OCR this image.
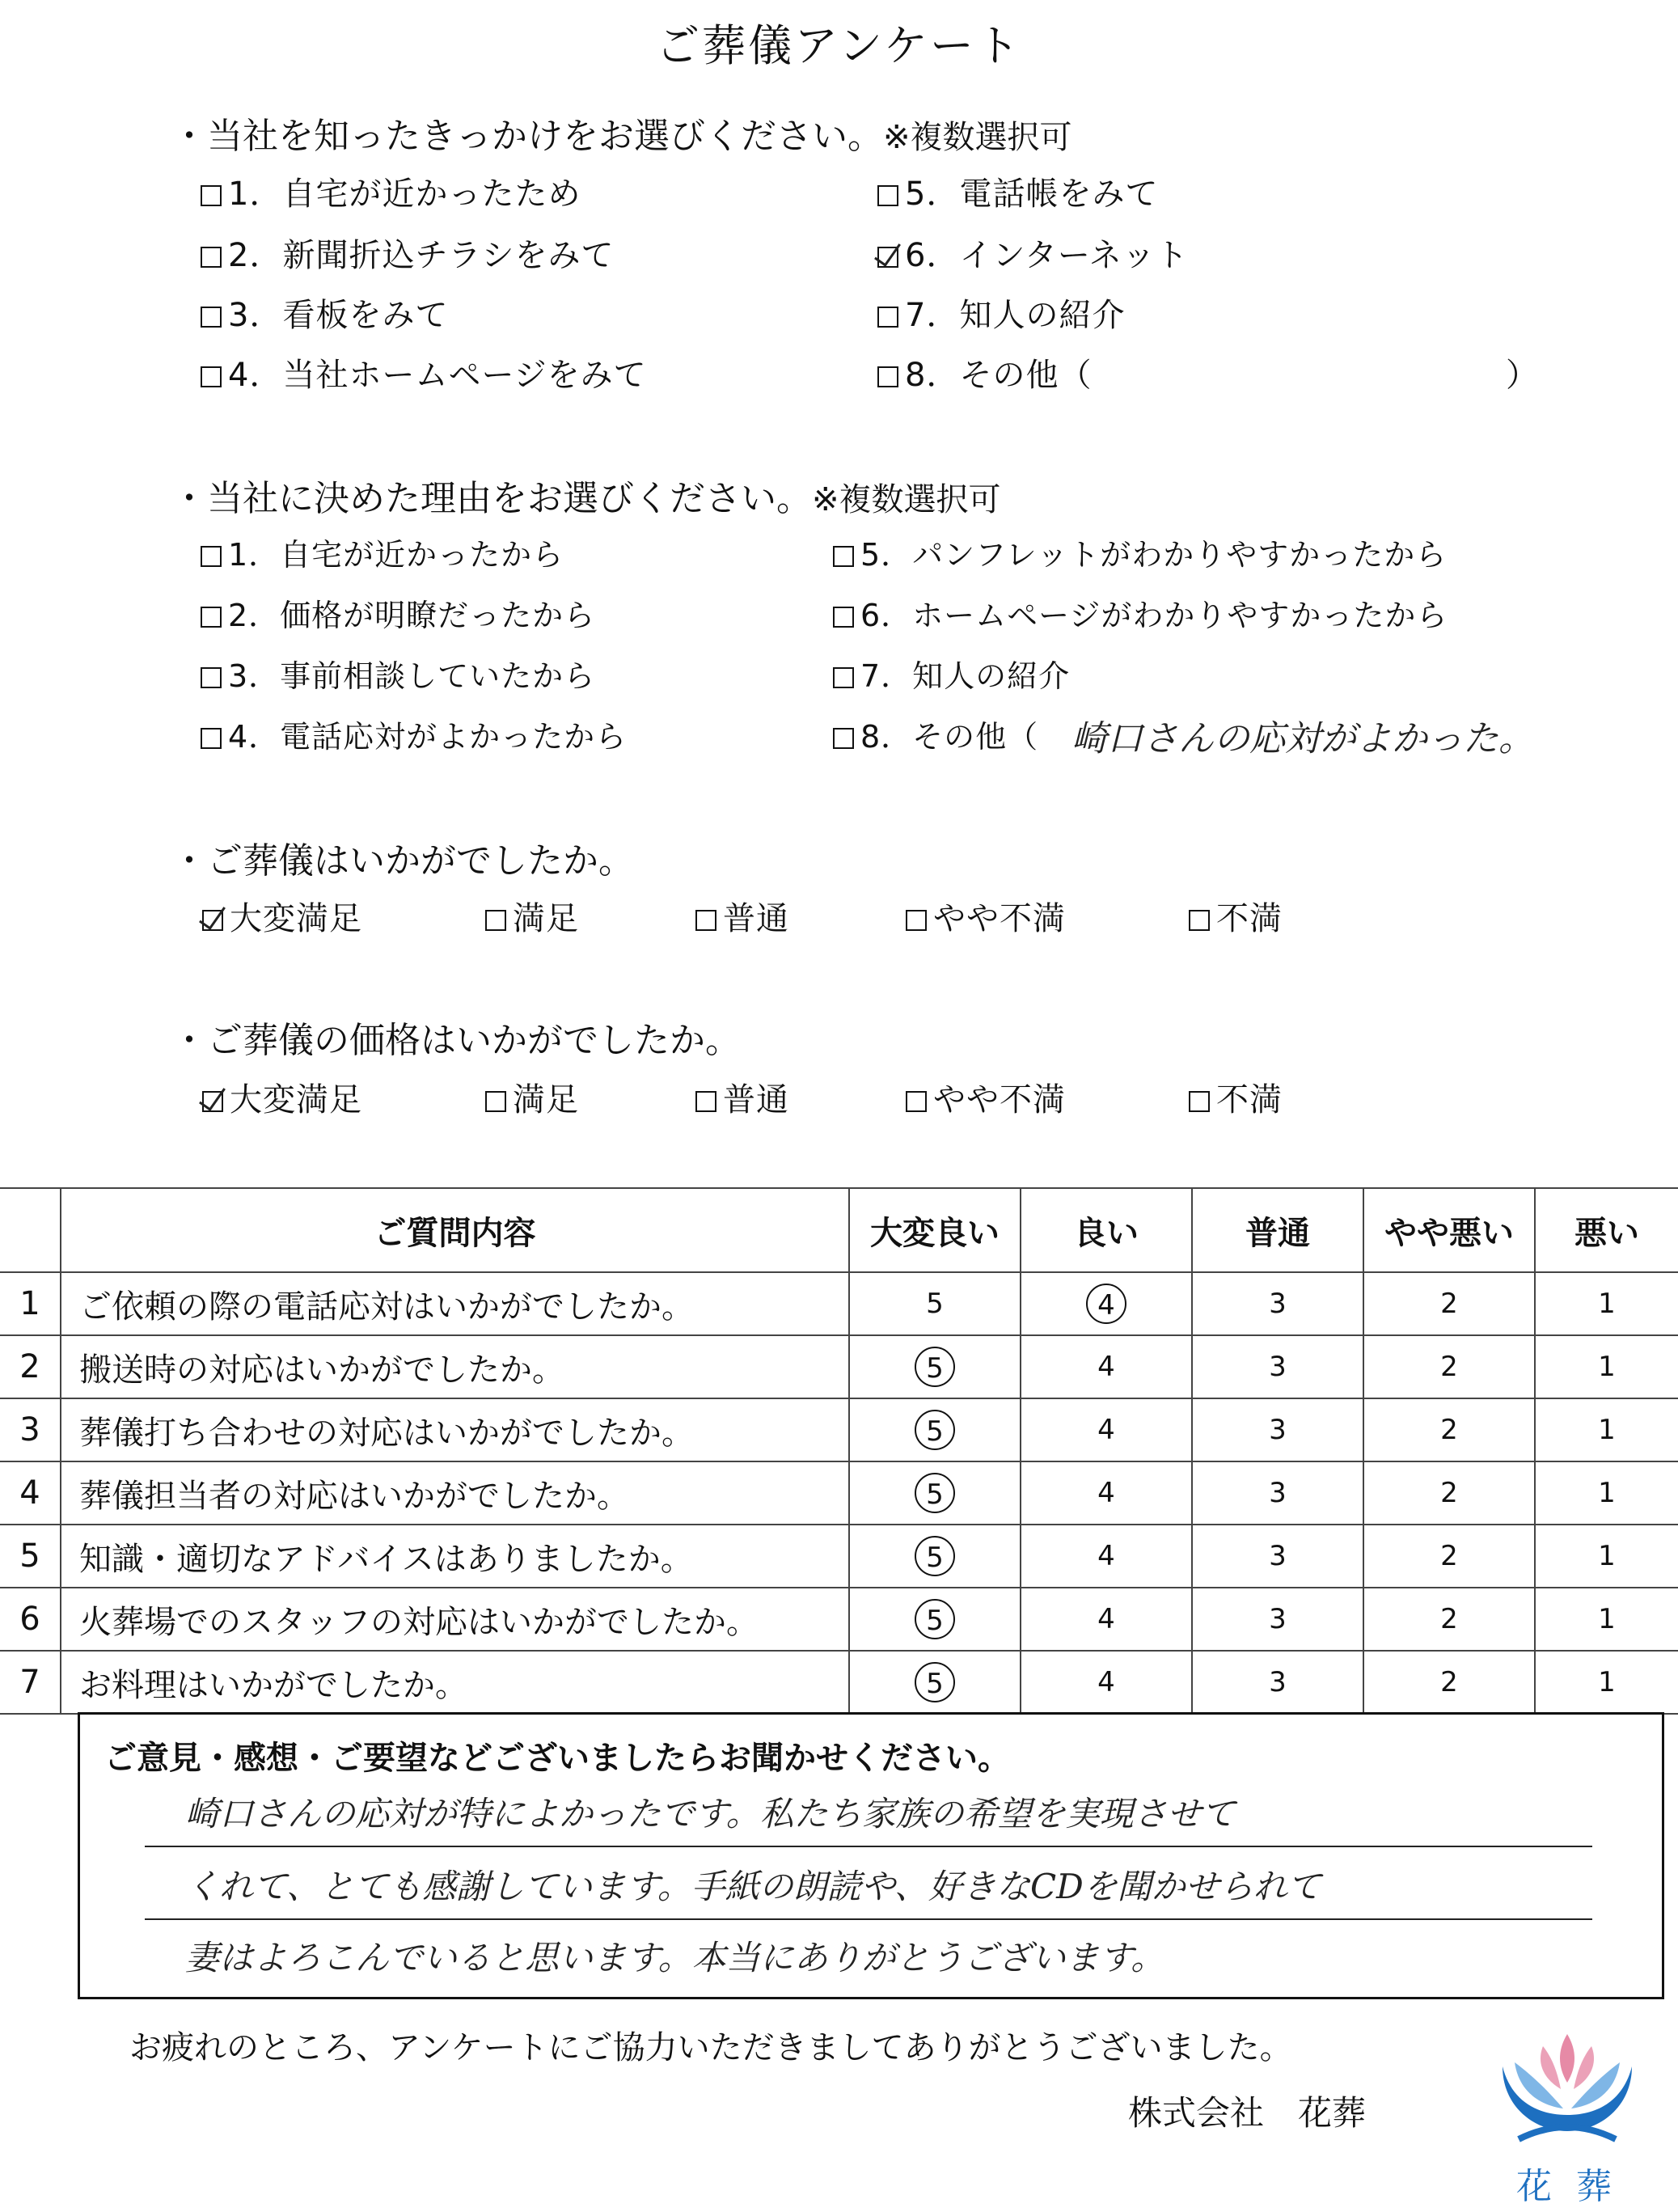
ご葬儀アンケート
・当社を知ったきっかけをお選びください。※複数選択可
1．自宅が近かったため
2．新聞折込チラシをみて
3．看板をみて
4．当社ホームページをみて
5．電話帳をみて
6．インターネット
7．知人の紹介
8．その他（	）
・当社に決めた理由をお選びください。※複数選択可
1．自宅が近かったから
2．価格が明瞭だったから
3．事前相談していたから
4．電話応対がよかったから
5．パンフレットがわかりやすかったから
6．ホームページがわかりやすかったから
7．知人の紹介
8．その他（ 崎口さんの応対がよかった。
・ご葬儀はいかがでしたか。
大変満足	満足	普通	やや不満	不満
・ご葬儀の価格はいかがでしたか。
大変満足	満足	普通	やや不満	不満
	ご質問内容	大変良い	良い	普通	やや悪い	悪い
1	ご依頼の際の電話応対はいかがでしたか。	5	4	3	2	1
2	搬送時の対応はいかがでしたか。	5	4	3	2	1
3	葬儀打ち合わせの対応はいかがでしたか。	5	4	3	2	1
4	葬儀担当者の対応はいかがでしたか。	5	4	3	2	1
5	知識・適切なアドバイスはありましたか。	5	4	3	2	1
6	火葬場でのスタッフの対応はいかがでしたか。	5	4	3	2	1
7	お料理はいかがでしたか。	5	4	3	2	1
ご意見・感想・ご要望などございましたらお聞かせください。
崎口さんの応対が特によかったです。私たち家族の希望を実現させて
くれて、とても感謝しています。手紙の朗読や、好きなCDを聞かせられて
妻はよろこんでいると思います。本当にありがとうございます。
お疲れのところ、アンケートにご協力いただきましてありがとうございました。
株式会社　花葬
花 葬
